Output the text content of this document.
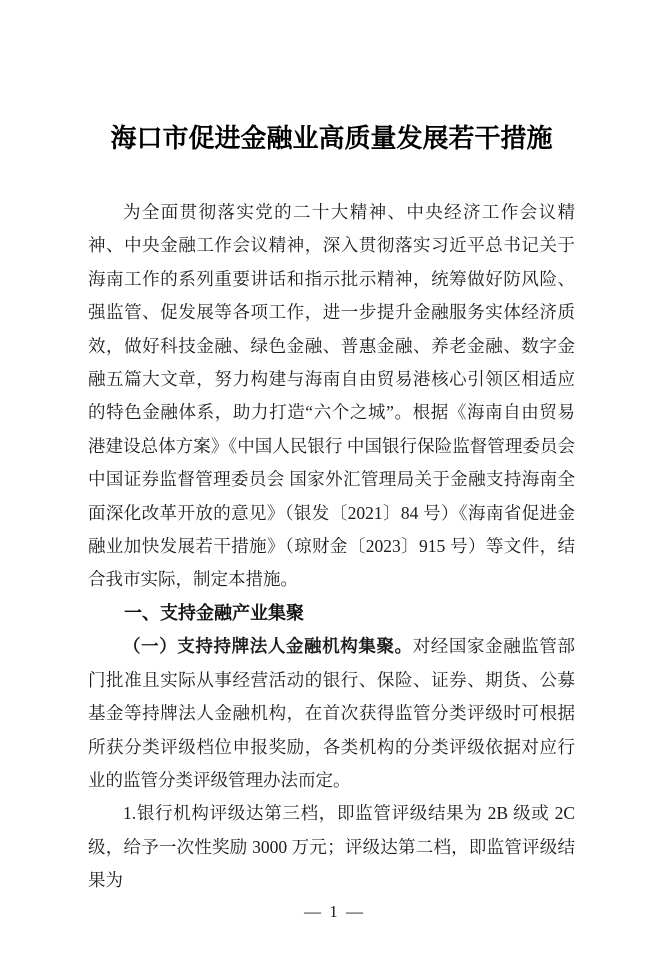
海口市促进金融业高质量发展若干措施

为全面贯彻落实党的二十大精神、中央经济工作会议精神、中央金融工作会议精神，深入贯彻落实习近平总书记关于海南工作的系列重要讲话和指示批示精神，统筹做好防风险、强监管、促发展等各项工作，进一步提升金融服务实体经济质效，做好科技金融、绿色金融、普惠金融、养老金融、数字金融五篇大文章，努力构建与海南自由贸易港核心引领区相适应的特色金融体系，助力打造“六个之城”。根据《海南自由贸易港建设总体方案》《中国人民银行 中国银行保险监督管理委员会 中国证券监督管理委员会 国家外汇管理局关于金融支持海南全面深化改革开放的意见》（银发〔2021〕84 号）《海南省促进金融业加快发展若干措施》（琼财金〔2023〕915 号）等文件，结合我市实际，制定本措施。

一、支持金融产业集聚

（一）支持持牌法人金融机构集聚。对经国家金融监管部门批准且实际从事经营活动的银行、保险、证券、期货、公募基金等持牌法人金融机构，在首次获得监管分类评级时可根据所获分类评级档位申报奖励，各类机构的分类评级依据对应行业的监管分类评级管理办法而定。

1.银行机构评级达第三档，即监管评级结果为 2B 级或 2C 级，给予一次性奖励 3000 万元；评级达第二档，即监管评级结果为

— 1 —
